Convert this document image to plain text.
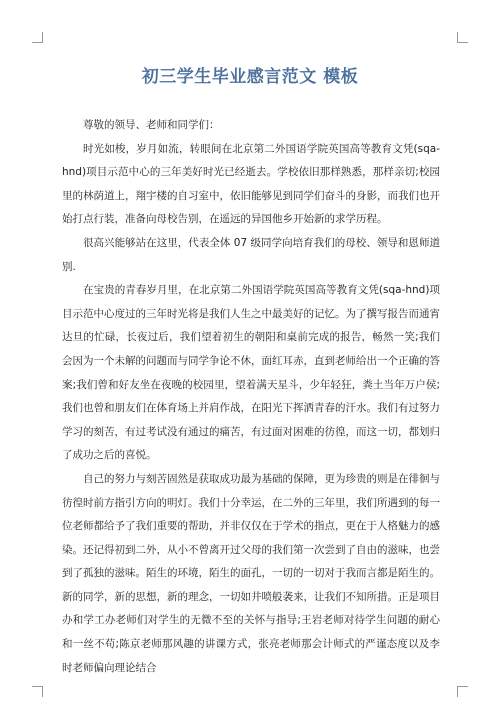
初三学生毕业感言范文 模板

尊敬的领导、老师和同学们：

时光如梭，岁月如流，转眼间在北京第二外国语学院英国高等教育文凭(sqa-hnd)项目示范中心的三年美好时光已经逝去。学校依旧那样熟悉，那样亲切;校园里的林荫道上，翔宇楼的自习室中，依旧能够见到同学们奋斗的身影，而我们也开始打点行装，准备向母校告别，在遥远的异国他乡开始新的求学历程。

很高兴能够站在这里，代表全体 07 级同学向培育我们的母校、领导和恩师道别.

在宝贵的青春岁月里，在北京第二外国语学院英国高等教育文凭(sqa-hnd)项目示范中心度过的三年时光将是我们人生之中最美好的记忆。为了撰写报告而通宵达旦的忙碌，长夜过后，我们望着初生的朝阳和桌前完成的报告，畅然一笑;我们会因为一个未解的问题而与同学争论不休，面红耳赤，直到老师给出一个正确的答案;我们曾和好友坐在夜晚的校园里，望着满天星斗，少年轻狂，粪土当年万户侯;我们也曾和朋友们在体育场上并肩作战，在阳光下挥洒青春的汗水。我们有过努力学习的刻苦，有过考试没有通过的痛苦，有过面对困难的彷徨，而这一切，都划归了成功之后的喜悦。

自己的努力与刻苦固然是获取成功最为基础的保障，更为珍贵的则是在徘徊与彷徨时前方指引方向的明灯。我们十分幸运，在二外的三年里，我们所遇到的每一位老师都给予了我们重要的帮助，并非仅仅在于学术的指点，更在于人格魅力的感染。还记得初到二外，从小不曾离开过父母的我们第一次尝到了自由的滋味，也尝到了孤独的滋味。陌生的环境，陌生的面孔，一切的一切对于我而言都是陌生的。新的同学，新的思想，新的理念，一切如井喷般袭来，让我们不知所措。正是项目办和学工办老师们对学生的无微不至的关怀与指导;王岩老师对待学生问题的耐心和一丝不苟;陈京老师那风趣的讲课方式，张亮老师那会计师式的严谨态度以及李时老师偏向理论结合
